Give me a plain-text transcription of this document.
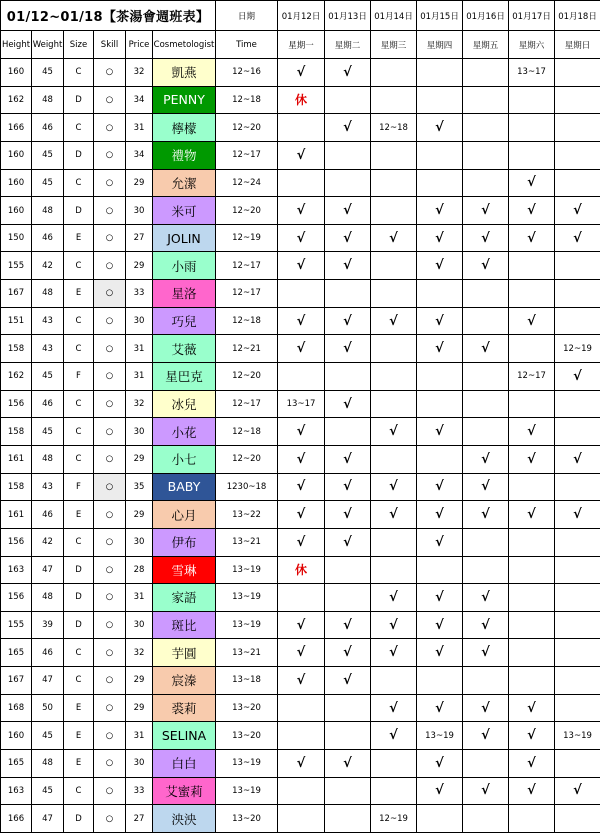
01/12~01/18【茶湯會週班表】						日期	01月12日	01月13日	01月14日	01月15日	01月16日	01月17日	01月18日
Height	Weight	Size	Skill	Price	Cosmetologist	Time	星期一	星期二	星期三	星期四	星期五	星期六	星期日
160	45	C	○	32	凱燕	12~16	√	√				13~17	
162	48	D	○	34	PENNY	12~18	休						
166	46	C	○	31	檸檬	12~20		√	12~18	√			
160	45	D	○	34	禮物	12~17	√						
160	45	C	○	29	允潔	12~24						√	
160	48	D	○	30	米可	12~20	√	√		√	√	√	√
150	46	E	○	27	JOLIN	12~19	√	√	√	√	√	√	√
155	42	C	○	29	小雨	12~17	√	√		√	√		
167	48	E	○	33	星洛	12~17							
151	43	C	○	30	巧兒	12~18	√	√	√	√		√	
158	43	C	○	31	艾薇	12~21	√	√		√	√		12~19
162	45	F	○	31	星巴克	12~20						12~17	√
156	46	C	○	32	冰兒	12~17	13~17	√					
158	45	C	○	30	小花	12~18	√		√	√		√	
161	48	C	○	29	小七	12~20	√	√			√	√	√
158	43	F	○	35	BABY	1230~18	√	√	√	√	√		
161	46	E	○	29	心月	13~22	√	√	√	√	√	√	√
156	42	C	○	30	伊布	13~21	√	√		√			
163	47	D	○	28	雪琳	13~19	休						
156	48	D	○	31	家語	13~19			√	√	√		
155	39	D	○	30	斑比	13~19	√	√	√	√	√		
165	46	C	○	32	芋圓	13~21	√	√	√	√	√		
167	47	C	○	29	宸溱	13~18	√	√					
168	50	E	○	29	裘莉	13~20			√	√	√	√	
160	45	E	○	31	SELINA	13~20			√	13~19	√	√	13~19
165	48	E	○	30	白白	13~19	√	√		√		√	
163	45	C	○	33	艾蜜莉	13~19				√	√	√	√
166	47	D	○	27	泱泱	13~20			12~19				
